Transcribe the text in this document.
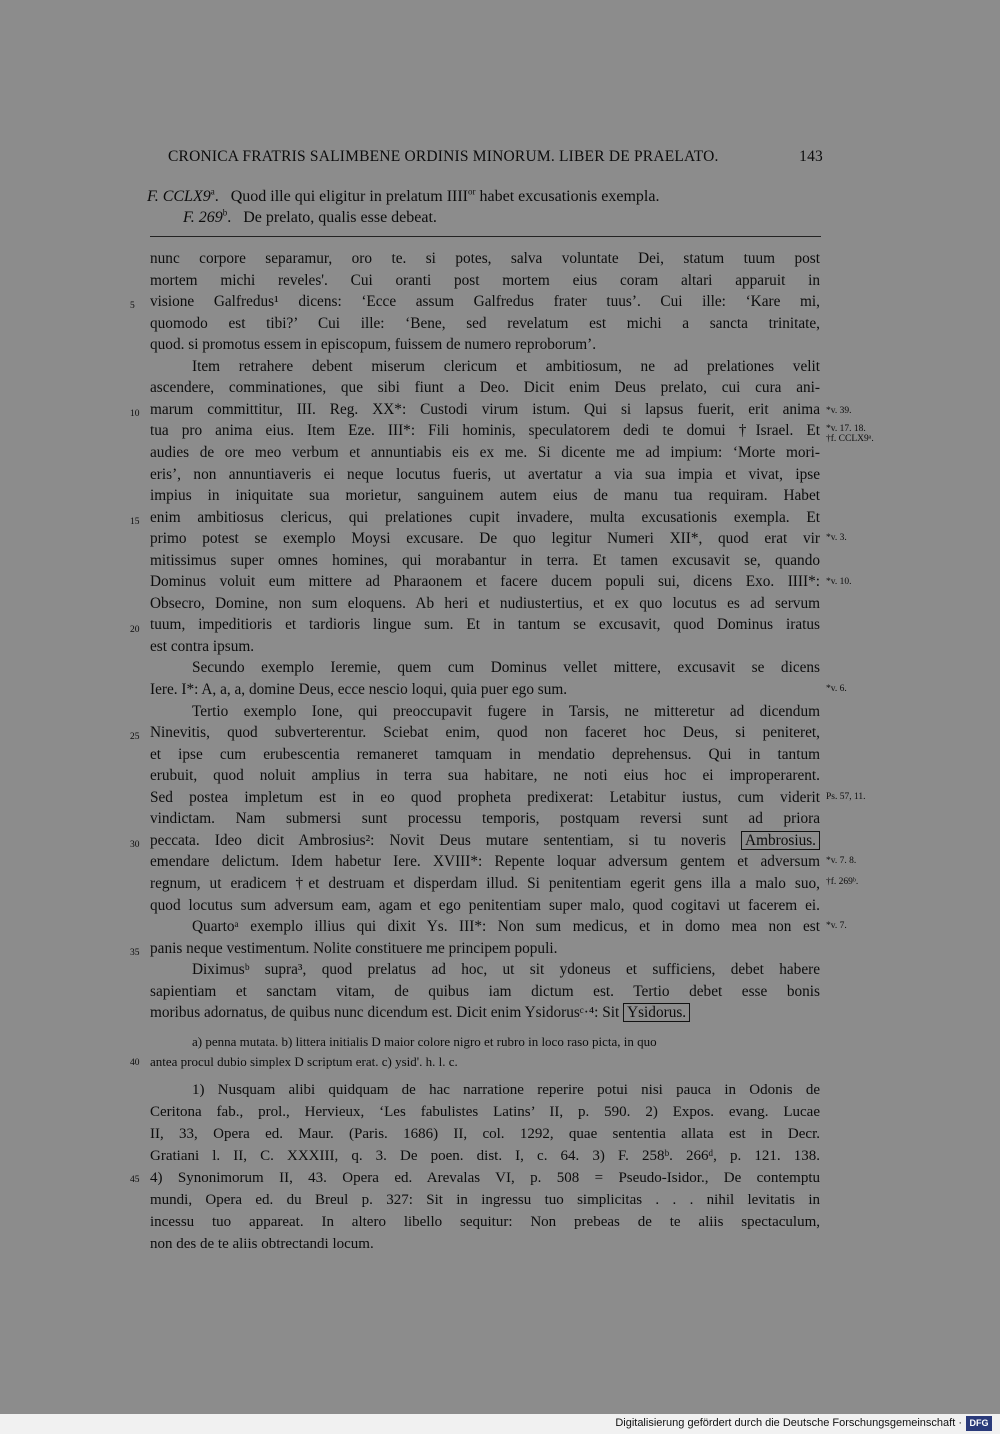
CRONICA FRATRIS SALIMBENE ORDINIS MINORUM. LIBER DE PRAELATO.	143
F. CCLX9$^a$.   Quod ille qui eligitur in prelatum $IIII^{or}$ habet excusationis exempla.
F. 269$^b$.   De prelato, qualis esse debeat.
nunc corpore separamur, oro te. si potes, salva voluntate Dei, statum tuum post
mortem michi reveles'. Cui oranti post mortem eius coram altari apparuit in
visione Galfredus¹ dicens: ‘Ecce assum Galfredus frater tuus’. Cui ille: ‘Kare mi,
quomodo est tibi?’ Cui ille: ‘Bene, sed revelatum est michi a sancta trinitate,
quod. si promotus essem in episcopum, fuissem de numero reproborum’.
Item retrahere debent miserum clericum et ambitiosum, ne ad prelationes velit
ascendere, comminationes, que sibi fiunt a Deo. Dicit enim Deus prelato, cui cura ani-
marum committitur, III. Reg. XX*: Custodi virum istum. Qui si lapsus fuerit, erit anima
tua pro anima eius. Item Eze. III*: Fili hominis, speculatorem dedi te domui †Israel. Et
audies de ore meo verbum et annuntiabis eis ex me. Si dicente me ad impium: ‘Morte mori-
eris’, non annuntiaveris ei neque locutus fueris, ut avertatur a via sua impia et vivat, ipse
impius in iniquitate sua morietur, sanguinem autem eius de manu tua requiram. Habet
enim ambitiosus clericus, qui prelationes cupit invadere, multa excusationis exempla. Et
primo potest se exemplo Moysi excusare. De quo legitur Numeri XII*, quod erat vir
mitissimus super omnes homines, qui morabantur in terra. Et tamen excusavit se, quando
Dominus voluit eum mittere ad Pharaonem et facere ducem populi sui, dicens Exo. IIII*:
Obsecro, Domine, non sum eloquens. Ab heri et nudiustertius, et ex quo locutus es ad servum
tuum, impeditioris et tardioris lingue sum. Et in tantum se excusavit, quod Dominus iratus
est contra ipsum.
Secundo exemplo Ieremie, quem cum Dominus vellet mittere, excusavit se dicens
Iere. I*: A, a, a, domine Deus, ecce nescio loqui, quia puer ego sum.
Tertio exemplo Ione, qui preoccupavit fugere in Tarsis, ne mitteretur ad dicendum
Ninevitis, quod subverterentur. Sciebat enim, quod non faceret hoc Deus, si peniteret,
et ipse cum erubescentia remaneret tamquam in mendatio deprehensus. Qui in tantum
erubuit, quod noluit amplius in terra sua habitare, ne noti eius hoc ei improperarent.
Sed postea impletum est in eo quod propheta predixerat: Letabitur iustus, cum viderit
vindictam. Nam submersi sunt processu temporis, postquam reversi sunt ad priora
peccata. Ideo dicit Ambrosius²: Novit Deus mutare sententiam, si tu noveris Ambrosius.
emendare delictum. Idem habetur Iere. XVIII*: Repente loquar adversum gentem et adversum
regnum, ut eradicem †et destruam et disperdam illud. Si penitentiam egerit gens illa a malo suo,
quod locutus sum adversum eam, agam et ego penitentiam super malo, quod cogitavi ut facerem ei.
Quartoᵃ exemplo illius qui dixit Ys. III*: Non sum medicus, et in domo mea non est
panis neque vestimentum. Nolite constituere me principem populi.
Diximusᵇ supra³, quod prelatus ad hoc, ut sit ydoneus et sufficiens, debet habere
sapientiam et sanctam vitam, de quibus iam dictum est. Tertio debet esse bonis
moribus adornatus, de quibus nunc dicendum est. Dicit enim Ysidorusᶜ·⁴: Sit Ysidorus.
5
10
15
20
25
30
35
40
45
*v. 39.
*v. 17. 18.
†f. CCLX9ᵃ.
*v. 3.
*v. 10.
*v. 6.
Ps. 57, 11.
*v. 7. 8.
†f. 269ᵇ.
*v. 7.
a) penna mutata. b) littera initialis D maior colore nigro et rubro in loco raso picta, in quo
antea procul dubio simplex D scriptum erat. c) ysid'. h. l. c.
1) Nusquam alibi quidquam de hac narratione reperire potui nisi pauca in Odonis de
Ceritona fab., prol., Hervieux, ‘Les fabulistes Latins’ II, p. 590. 2) Expos. evang. Lucae
II, 33, Opera ed. Maur. (Paris. 1686) II, col. 1292, quae sententia allata est in Decr.
Gratiani l. II, C. XXXIII, q. 3. De poen. dist. I, c. 64. 3) F. 258ᵇ. 266ᵈ, p. 121. 138.
4) Synonimorum II, 43. Opera ed. Arevalas VI, p. 508 = Pseudo-Isidor., De contemptu
mundi, Opera ed. du Breul p. 327: Sit in ingressu tuo simplicitas . . . nihil levitatis in
incessu tuo appareat. In altero libello sequitur: Non prebeas de te aliis spectaculum,
non des de te aliis obtrectandi locum.
Digitalisierung gefördert durch die Deutsche Forschungsgemeinschaft · DFG
